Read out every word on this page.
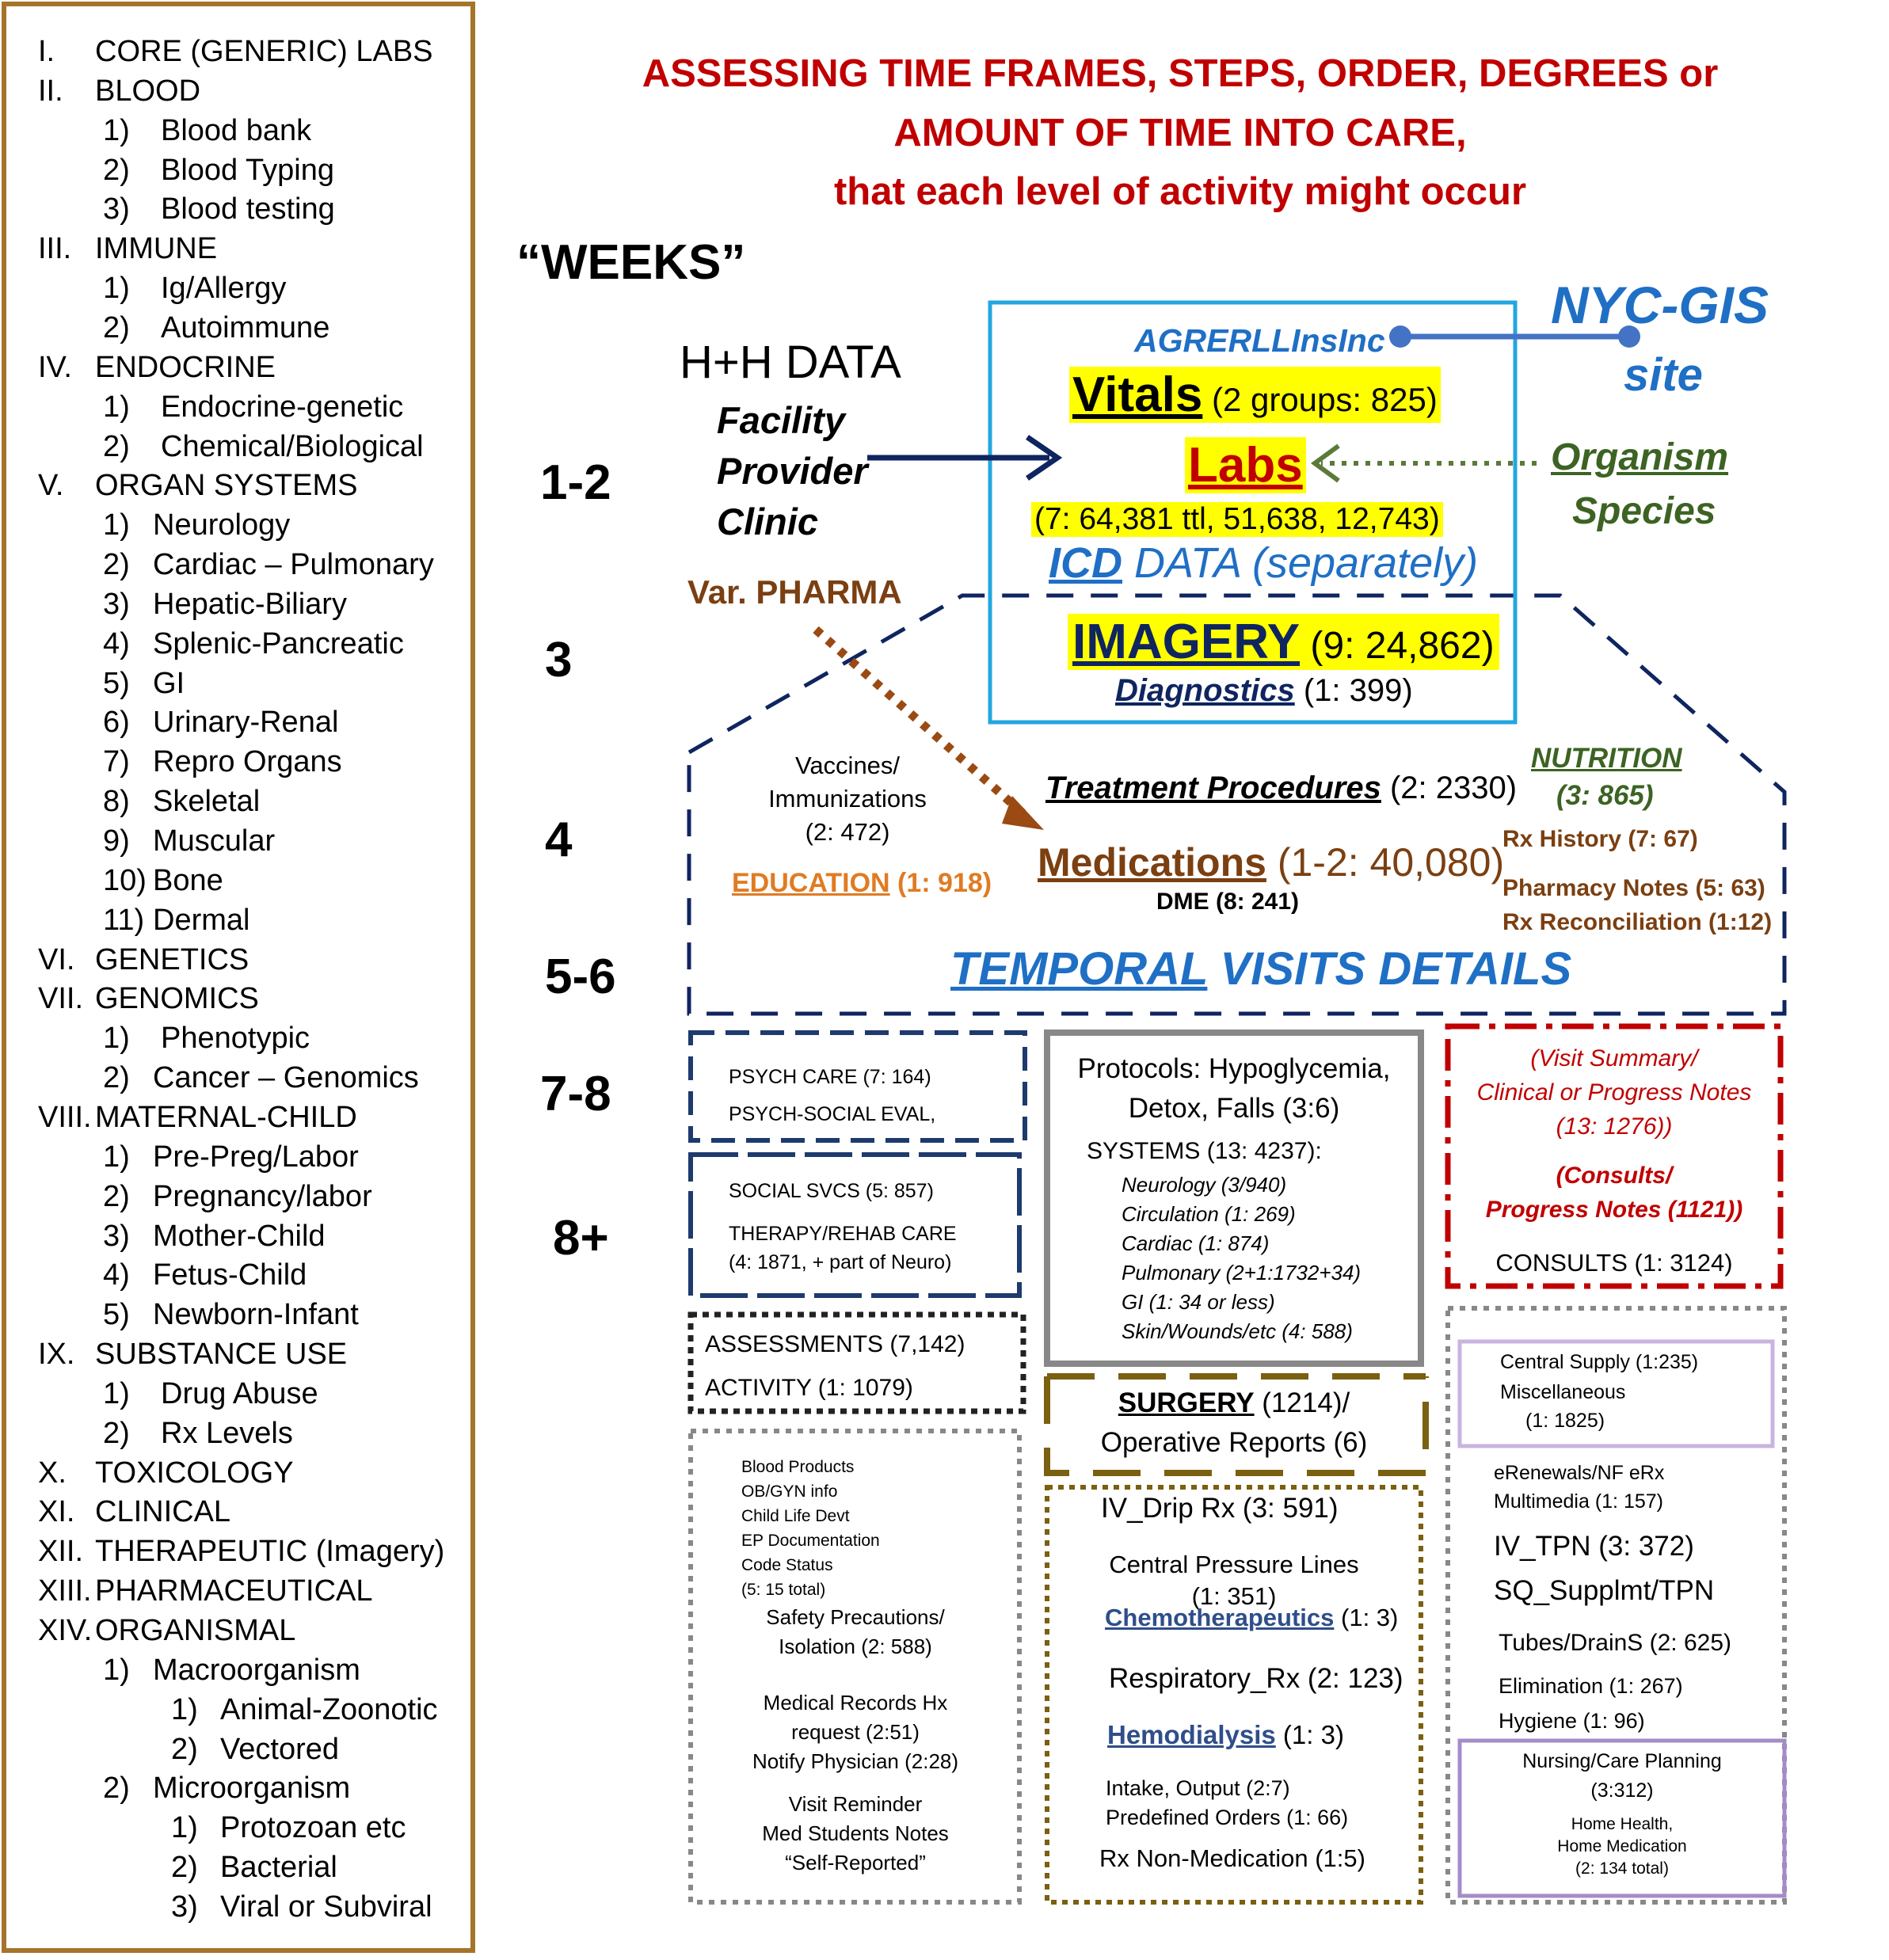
I. CORE (GENERIC) LABS
II. BLOOD
1) Blood bank
2) Blood Typing
3) Blood testing
III. IMMUNE
1) Ig/Allergy
2) Autoimmune
IV. ENDOCRINE
1) Endocrine-genetic
2) Chemical/Biological
V. ORGAN SYSTEMS
1) Neurology
2) Cardiac – Pulmonary
3) Hepatic-Biliary
4) Splenic-Pancreatic
5) GI
6) Urinary-Renal
7) Repro Organs
8) Skeletal
9) Muscular
10) Bone
11) Dermal
VI. GENETICS
VII. GENOMICS
1) Phenotypic
2) Cancer – Genomics
VIII. MATERNAL-CHILD
1) Pre-Preg/Labor
2) Pregnancy/labor
3) Mother-Child
4) Fetus-Child
5) Newborn-Infant
IX. SUBSTANCE USE
1) Drug Abuse
2) Rx Levels
X. TOXICOLOGY
XI. CLINICAL
XII. THERAPEUTIC (Imagery)
XIII. PHARMACEUTICAL
XIV. ORGANISMAL
1) Macroorganism
1) Animal-Zoonotic
2) Vectored
2) Microorganism
1) Protozoan etc
2) Bacterial
3) Viral or Subviral
ASSESSING TIME FRAMES, STEPS, ORDER, DEGREES or
AMOUNT OF TIME INTO CARE,
that each level of activity might occur
“WEEKS”
1-2
3
4
5-6
7-8
8+
H+H DATA
Facility
Provider
Clinic
NYC-GIS
site
AGRERLLInsInc
Vitals (2 groups: 825)
Labs
(7: 64,381 ttl, 51,638, 12,743)
ICD DATA (separately)
IMAGERY (9: 24,862)
Diagnostics (1: 399)
Organism
Species
Var. PHARMA
Vaccines/
Immunizations
(2: 472)
EDUCATION (1: 918)
Treatment Procedures (2: 2330)
Medications (1-2: 40,080)
DME (8: 241)
NUTRITION
(3: 865)
Rx History (7: 67)
Pharmacy Notes (5: 63)
Rx Reconciliation (1:12)
TEMPORAL VISITS DETAILS
PSYCH CARE (7: 164)
PSYCH-SOCIAL EVAL,
SOCIAL SVCS (5: 857)
THERAPY/REHAB CARE
(4: 1871, + part of Neuro)
ASSESSMENTS (7,142)
ACTIVITY (1: 1079)
Blood Products
OB/GYN info
Child Life Devt
EP Documentation
Code Status
(5: 15 total)
Safety Precautions/
Isolation (2: 588)
Medical Records Hx
request (2:51)
Notify Physician (2:28)
Visit Reminder
Med Students Notes
“Self-Reported”
Protocols: Hypoglycemia,
Detox, Falls (3:6)
SYSTEMS (13: 4237):
Neurology (3/940)
Circulation (1: 269)
Cardiac (1: 874)
Pulmonary (2+1:1732+34)
GI (1: 34 or less)
Skin/Wounds/etc (4: 588)
SURGERY (1214)/
Operative Reports (6)
IV_Drip Rx (3: 591)
Central Pressure Lines
(1: 351)
Chemotherapeutics (1: 3)
Respiratory_Rx (2: 123)
Hemodialysis (1: 3)
Intake, Output (2:7)
Predefined Orders (1: 66)
Rx Non-Medication (1:5)
(Visit Summary/
Clinical or Progress Notes
(13: 1276))
(Consults/
Progress Notes (1121))
CONSULTS (1: 3124)
Central Supply (1:235)
Miscellaneous
(1: 1825)
eRenewals/NF eRx
Multimedia (1: 157)
IV_TPN (3: 372)
SQ_Supplmt/TPN
Tubes/DrainS (2: 625)
Elimination (1: 267)
Hygiene (1: 96)
Nursing/Care Planning
(3:312)
Home Health,
Home Medication
(2: 134 total)
